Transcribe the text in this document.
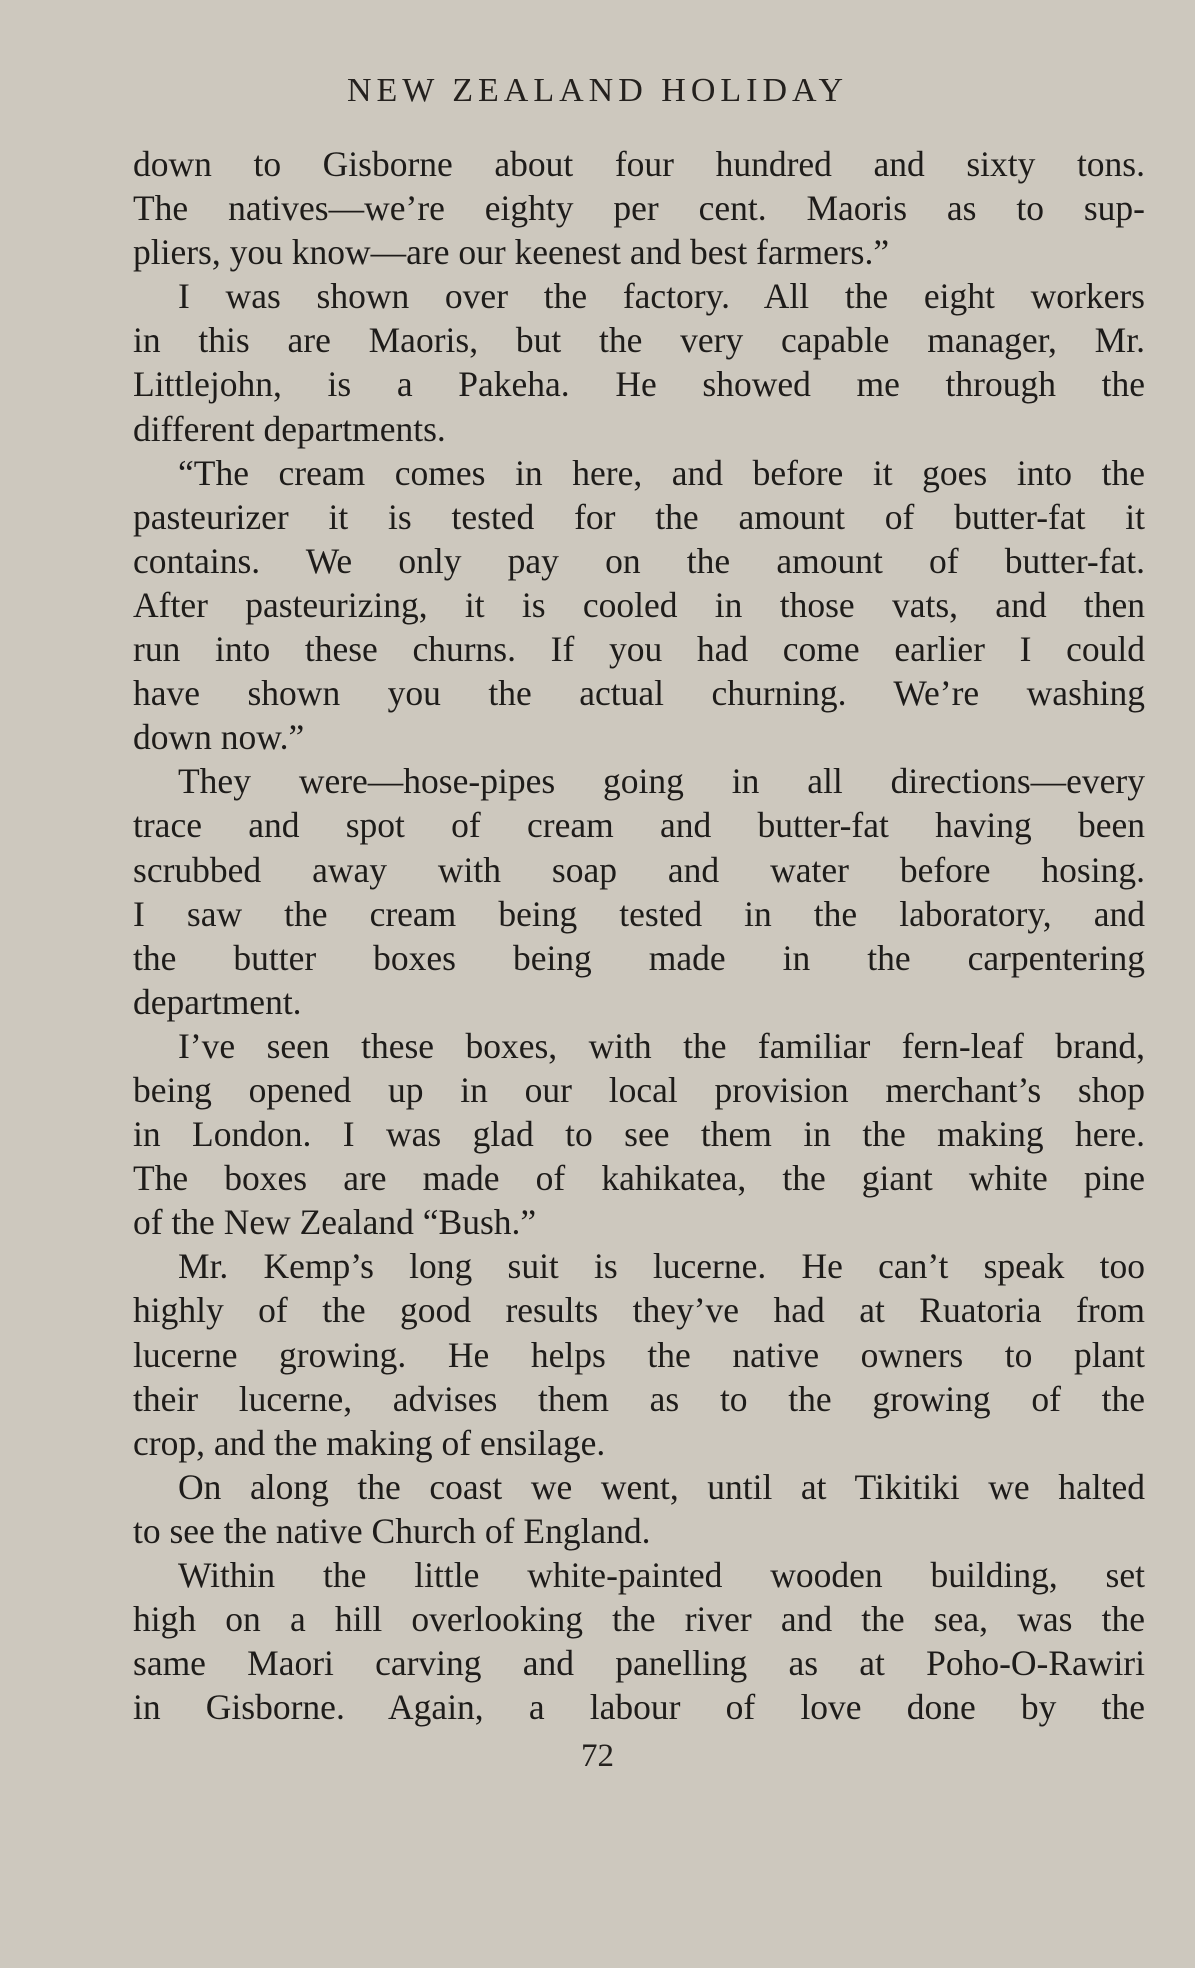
NEW ZEALAND HOLIDAY
down to Gisborne about four hundred and sixty tons.
The natives—we’re eighty per cent. Maoris as to sup-
pliers, you know—are our keenest and best farmers.”
I was shown over the factory. All the eight workers
in this are Maoris, but the very capable manager, Mr.
Littlejohn, is a Pakeha. He showed me through the
different departments.
“The cream comes in here, and before it goes into the
pasteurizer it is tested for the amount of butter-fat it
contains. We only pay on the amount of butter-fat.
After pasteurizing, it is cooled in those vats, and then
run into these churns. If you had come earlier I could
have shown you the actual churning. We’re washing
down now.”
They were—hose-pipes going in all directions—every
trace and spot of cream and butter-fat having been
scrubbed away with soap and water before hosing.
I saw the cream being tested in the laboratory, and
the butter boxes being made in the carpentering
department.
I’ve seen these boxes, with the familiar fern-leaf brand,
being opened up in our local provision merchant’s shop
in London. I was glad to see them in the making here.
The boxes are made of kahikatea, the giant white pine
of the New Zealand “Bush.”
Mr. Kemp’s long suit is lucerne. He can’t speak too
highly of the good results they’ve had at Ruatoria from
lucerne growing. He helps the native owners to plant
their lucerne, advises them as to the growing of the
crop, and the making of ensilage.
On along the coast we went, until at Tikitiki we halted
to see the native Church of England.
Within the little white-painted wooden building, set
high on a hill overlooking the river and the sea, was the
same Maori carving and panelling as at Poho-O-Rawiri
in Gisborne. Again, a labour of love done by the
72
